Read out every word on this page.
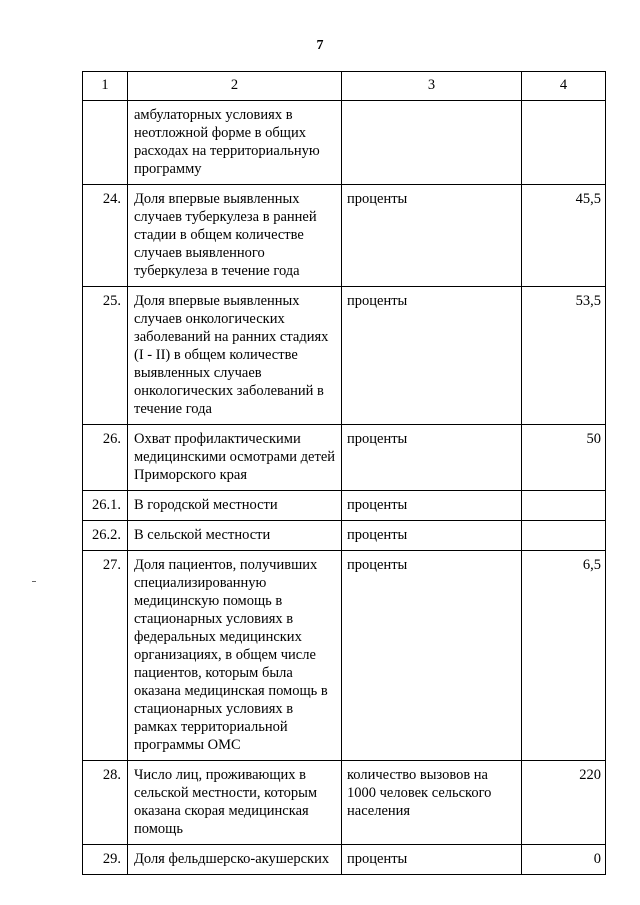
7
1	2	3	4
	амбулаторных условиях в неотложной форме в общих расходах на территориальную программу		
24.	Доля впервые выявленных случаев туберкулеза в ранней стадии в общем количестве случаев выявленного туберкулеза в течение года	проценты	45,5
25.	Доля впервые выявленных случаев онкологических заболеваний на ранних стадиях (I - II) в общем количестве выявленных случаев онкологических заболеваний в течение года	проценты	53,5
26.	Охват профилактическими медицинскими осмотрами детей Приморского края	проценты	50
26.1.	В городской местности	проценты	
26.2.	В сельской местности	проценты	
27.	Доля пациентов, получивших специализированную медицинскую помощь в стационарных условиях в федеральных медицинских организациях, в общем числе пациентов, которым была оказана медицинская помощь в стационарных условиях в рамках территориальной программы ОМС	проценты	6,5
28.	Число лиц, проживающих в сельской местности, которым оказана скорая медицинская помощь	количество вызовов на 1000 человек сельского населения	220
29.	Доля фельдшерско-акушерских	проценты	0
